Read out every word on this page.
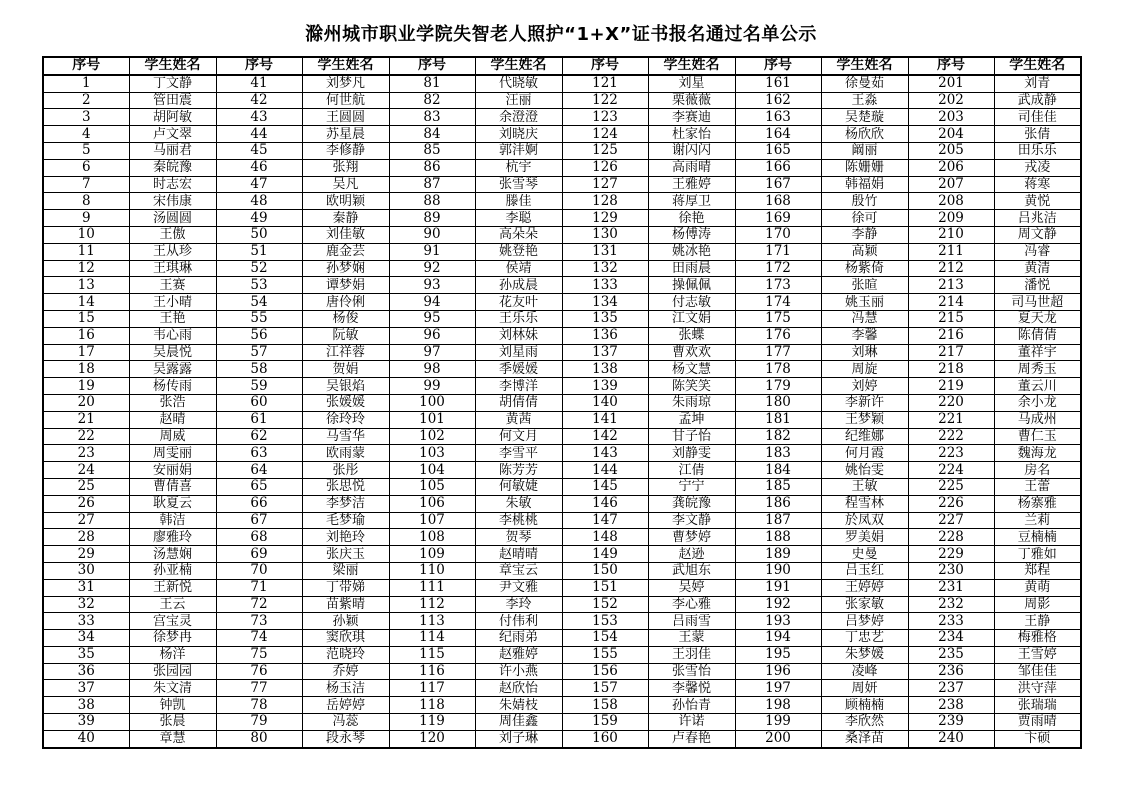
滁州城市职业学院失智老人照护“1+X”证书报名通过名单公示
序号	学生姓名	序号	学生姓名	序号	学生姓名	序号	学生姓名	序号	学生姓名	序号	学生姓名
1	丁文静	41	刘梦凡	81	代晓敏	121	刘星	161	徐曼茹	201	刘青
2	管田震	42	何世航	82	汪丽	122	栗薇薇	162	王淼	202	武成静
3	胡阿敏	43	王圆圆	83	余澄澄	123	李赛迪	163	吴楚璇	203	司佳佳
4	卢文翠	44	苏星晨	84	刘晓庆	124	杜家怡	164	杨欣欣	204	张倩
5	马丽君	45	李修静	85	郭沣婀	125	谢闪闪	165	阚丽	205	田乐乐
6	秦皖豫	46	张翔	86	杭宇	126	高雨晴	166	陈姗姗	206	戎凌
7	时志宏	47	吴凡	87	张雪琴	127	王雅婷	167	韩福娟	207	蒋寒
8	宋伟康	48	欧明颖	88	滕佳	128	蒋厚卫	168	殷竹	208	黄悦
9	汤圆圆	49	秦静	89	李聪	129	徐艳	169	徐可	209	吕兆洁
10	王傲	50	刘佳敏	90	高朵朵	130	杨傅涛	170	李静	210	周文静
11	王从珍	51	鹿金芸	91	姚登艳	131	姚冰艳	171	高颖	211	冯睿
12	王琪琳	52	孙梦娴	92	侯靖	132	田雨晨	172	杨紫倚	212	黄清
13	王赛	53	谭梦娟	93	孙成晨	133	操佩佩	173	张暄	213	潘悦
14	王小晴	54	唐伶俐	94	花友叶	134	付志敏	174	姚玉丽	214	司马世超
15	王艳	55	杨俊	95	王乐乐	135	江文娟	175	冯慧	215	夏天龙
16	韦心雨	56	阮敏	96	刘林妹	136	张蝶	176	李馨	216	陈倩倩
17	吴晨悦	57	江祥蓉	97	刘星雨	137	曹欢欢	177	刘琳	217	董祥宇
18	吴露露	58	贺娟	98	季媛媛	138	杨文慧	178	周旋	218	周秀玉
19	杨传雨	59	吴银焰	99	李博洋	139	陈笑笑	179	刘婷	219	董云川
20	张浩	60	张媛媛	100	胡倩倩	140	朱雨琼	180	李新许	220	余小龙
21	赵晴	61	徐玲玲	101	黄茜	141	孟坤	181	王梦颖	221	马成州
22	周威	62	马雪华	102	何文月	142	甘子怡	182	纪维娜	222	曹仁玉
23	周雯丽	63	欧雨蒙	103	李雪平	143	刘静雯	183	何月霞	223	魏海龙
24	安丽娟	64	张彤	104	陈芳芳	144	江倩	184	姚怡雯	224	房名
25	曹倩喜	65	张思悦	105	何敏婕	145	宁宁	185	王敏	225	王蕾
26	耿夏云	66	李梦洁	106	朱敏	146	龚皖豫	186	程雪林	226	杨寨雅
27	韩洁	67	毛梦瑜	107	李桃桃	147	李文静	187	於凤双	227	兰莉
28	廖雅玲	68	刘艳玲	108	贺琴	148	曹梦婷	188	罗美娟	228	豆楠楠
29	汤慧娴	69	张庆玉	109	赵晴晴	149	赵逊	189	史曼	229	丁雅如
30	孙亚楠	70	梁丽	110	章宝云	150	武旭东	190	吕玉红	230	郑程
31	王新悦	71	丁带娣	111	尹文雅	151	吴婷	191	王婷婷	231	黄萌
32	王云	72	苗紫晴	112	李玲	152	李心雅	192	张家敏	232	周影
33	宫宝灵	73	孙颖	113	付伟利	153	吕雨雪	193	吕梦婷	233	王静
34	徐梦冉	74	窦欣琪	114	纪雨弟	154	王蒙	194	丁忠艺	234	梅雅格
35	杨洋	75	范晓玲	115	赵雅婷	155	王羽佳	195	朱梦媛	235	王雪婷
36	张园园	76	乔婷	116	许小燕	156	张雪怡	196	凌峰	236	邹佳佳
37	朱文清	77	杨玉洁	117	赵欣怡	157	李馨悦	197	周妍	237	洪守萍
38	钟凯	78	岳婷婷	118	朱婧枝	158	孙怡青	198	顾楠楠	238	张瑞瑞
39	张晨	79	冯蕊	119	周佳鑫	159	许诺	199	李欣然	239	贾雨晴
40	章慧	80	段永琴	120	刘子琳	160	卢春艳	200	桑泽苗	240	卞硕
